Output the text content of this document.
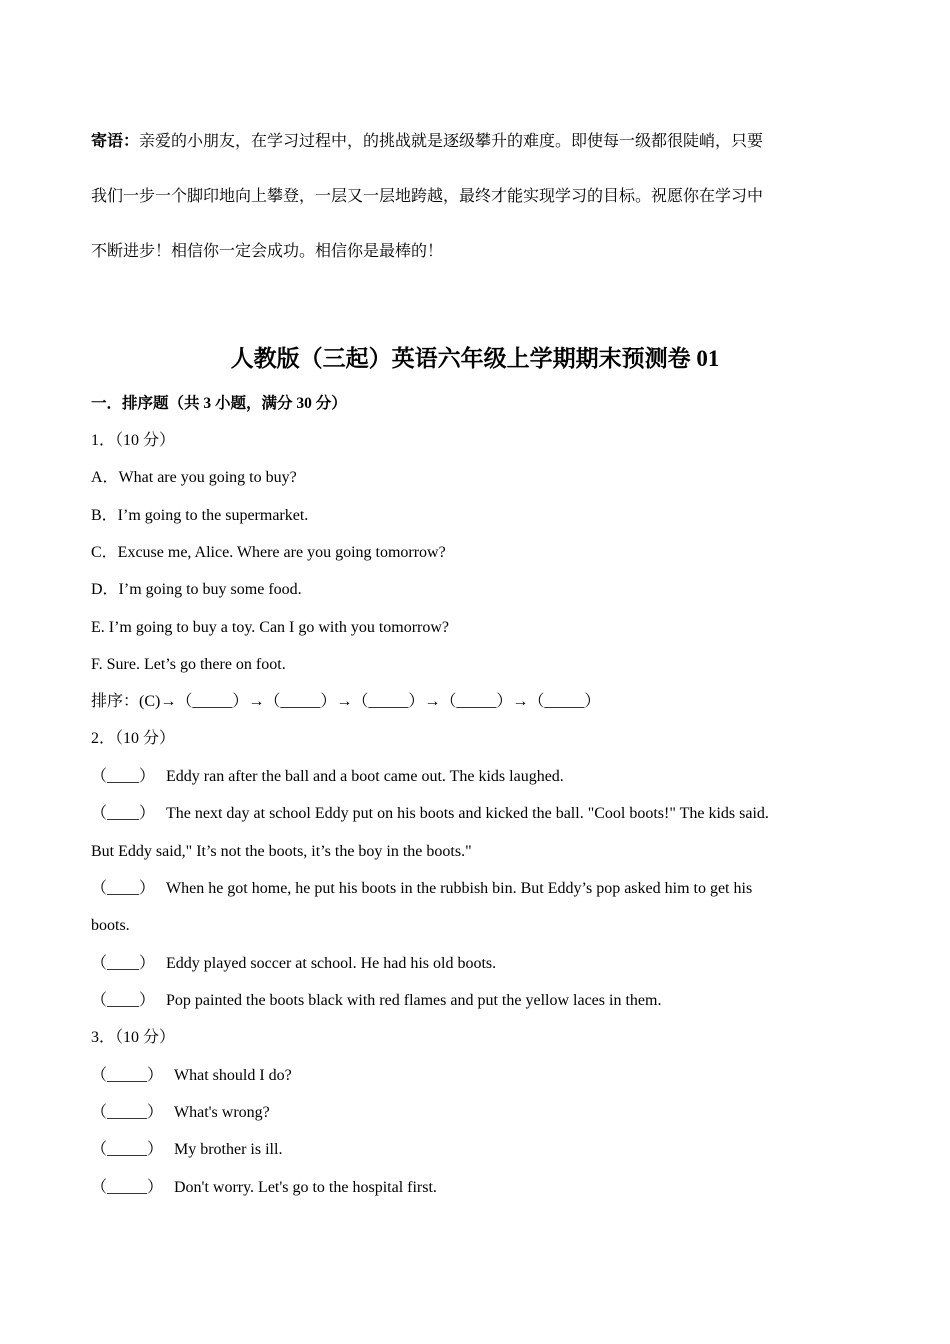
寄语：亲爱的小朋友，在学习过程中，的挑战就是逐级攀升的难度。即使每一级都很陡峭，只要
我们一步一个脚印地向上攀登，一层又一层地跨越，最终才能实现学习的目标。祝愿你在学习中
不断进步！相信你一定会成功。相信你是最棒的！
人教版（三起）英语六年级上学期期末预测卷 01
一．排序题（共 3 小题，满分 30 分）
1．（10 分）
A．What are you going to buy?
B．I’m going to the supermarket.
C．Excuse me, Alice. Where are you going tomorrow?
D．I’m going to buy some food.
E. I’m going to buy a toy. Can I go with you tomorrow?
F. Sure. Let’s go there on foot.
排序：(C)→（_____）→（_____）→（_____）→（_____）→（_____）
2．（10 分）
（____） Eddy ran after the ball and a boot came out. The kids laughed.
（____） The next day at school Eddy put on his boots and kicked the ball. "Cool boots!" The kids said.
But Eddy said," It’s not the boots, it’s the boy in the boots."
（____） When he got home, he put his boots in the rubbish bin. But Eddy’s pop asked him to get his
boots.
（____） Eddy played soccer at school. He had his old boots.
（____） Pop painted the boots black with red flames and put the yellow laces in them.
3．（10 分）
（_____） What should I do?
（_____） What's wrong?
（_____） My brother is ill.
（_____） Don't worry. Let's go to the hospital first.
